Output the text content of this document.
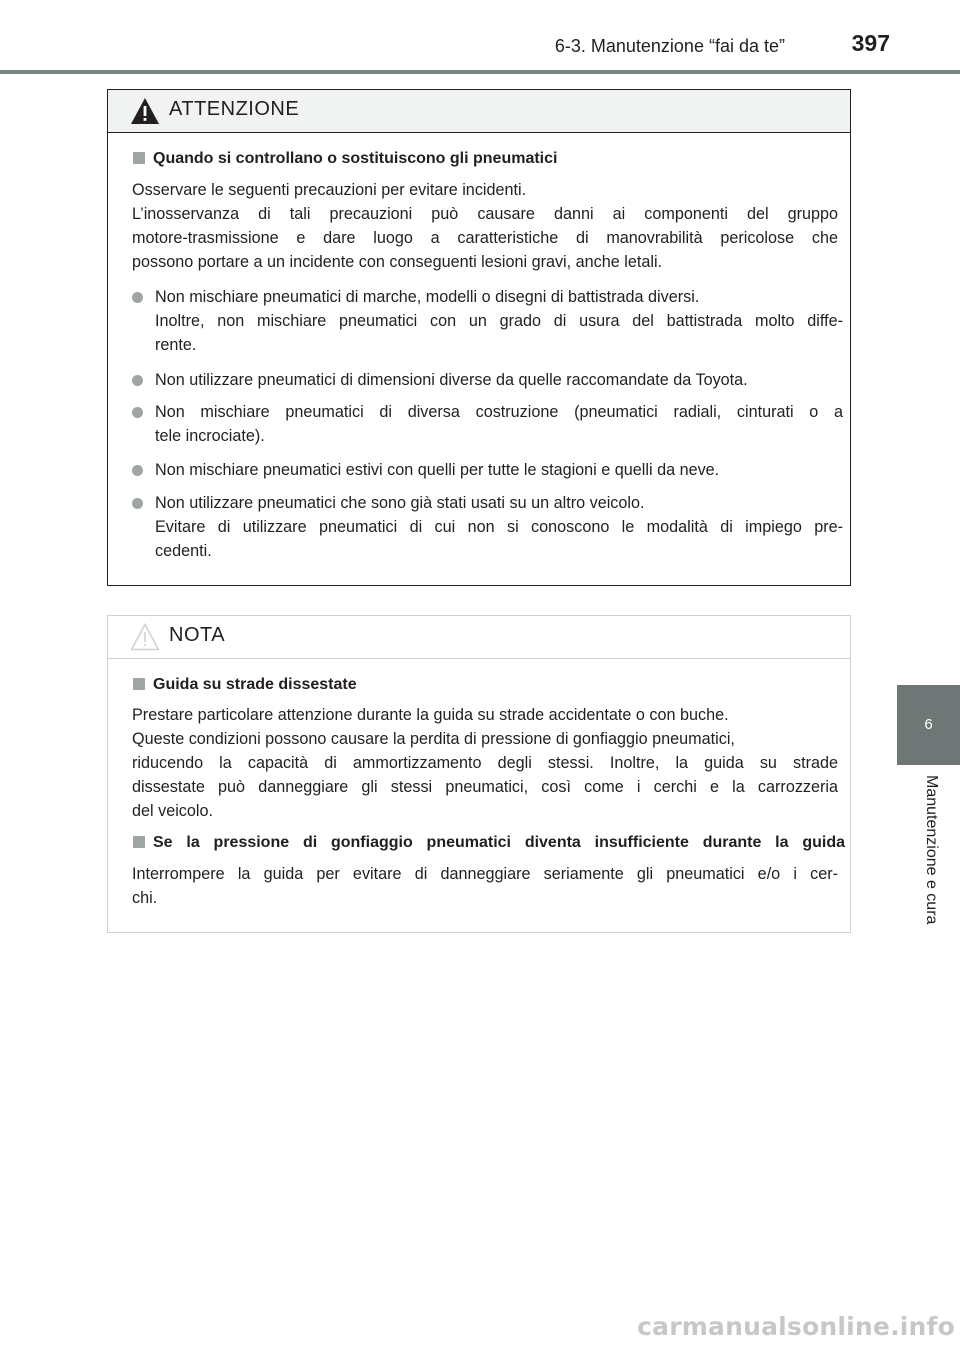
6-3. Manutenzione “fai da te”	397
6
Manutenzione e cura
ATTENZIONE
Quando si controllano o sostituiscono gli pneumatici
Osservare le seguenti precauzioni per evitare incidenti.
L’inosservanza di tali precauzioni può causare danni ai componenti del gruppo
motore-trasmissione e dare luogo a caratteristiche di manovrabilità pericolose che
possono portare a un incidente con conseguenti lesioni gravi, anche letali.
Non mischiare pneumatici di marche, modelli o disegni di battistrada diversi.
Inoltre, non mischiare pneumatici con un grado di usura del battistrada molto diffe-
rente.
Non utilizzare pneumatici di dimensioni diverse da quelle raccomandate da Toyota.
Non mischiare pneumatici di diversa costruzione (pneumatici radiali, cinturati o a
tele incrociate).
Non mischiare pneumatici estivi con quelli per tutte le stagioni e quelli da neve.
Non utilizzare pneumatici che sono già stati usati su un altro veicolo.
Evitare di utilizzare pneumatici di cui non si conoscono le modalità di impiego pre-
cedenti.
NOTA
Guida su strade dissestate
Prestare particolare attenzione durante la guida su strade accidentate o con buche.
Queste condizioni possono causare la perdita di pressione di gonfiaggio pneumatici,
riducendo la capacità di ammortizzamento degli stessi. Inoltre, la guida su strade
dissestate può danneggiare gli stessi pneumatici, così come i cerchi e la carrozzeria
del veicolo.
Se la pressione di gonfiaggio pneumatici diventa insufficiente durante la guida
Interrompere la guida per evitare di danneggiare seriamente gli pneumatici e/o i cer-
chi.
carmanualsonline.info
